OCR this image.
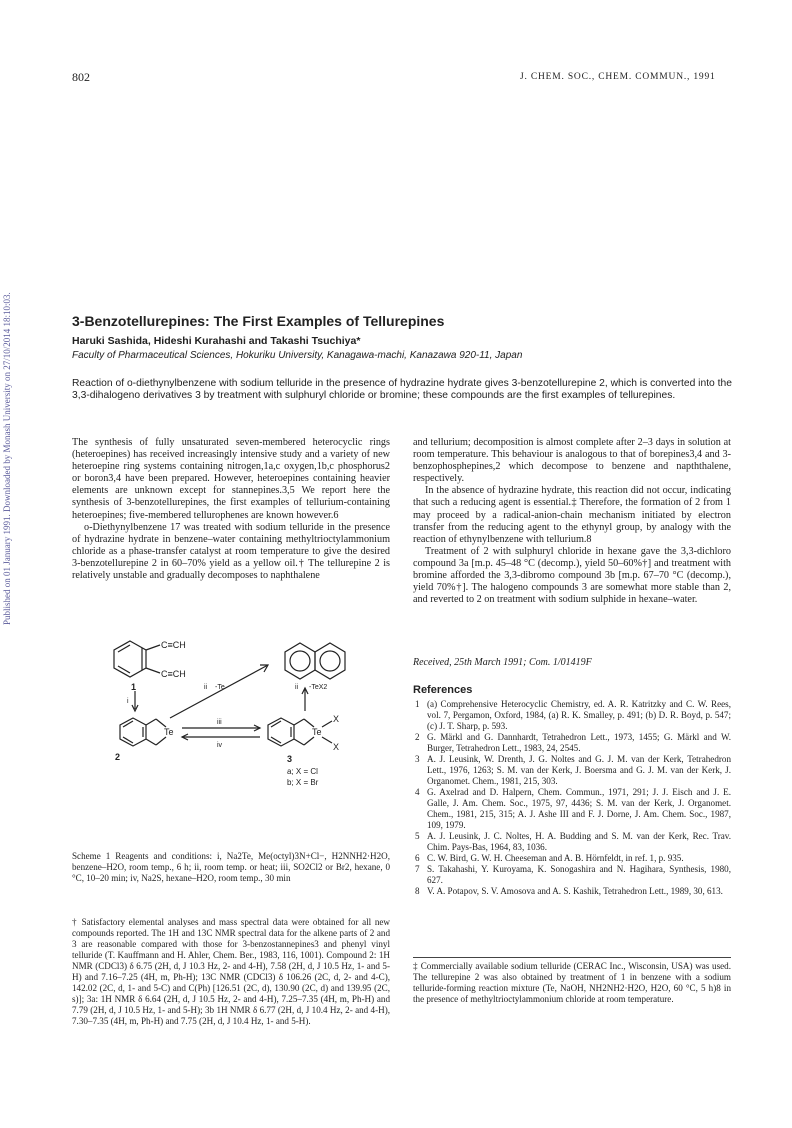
802	J. CHEM. SOC., CHEM. COMMUN., 1991
Published on 01 January 1991. Downloaded by Monash University on 27/10/2014 18:10:03.	3-Benzotellurepines: The First Examples of Tellurepines
Haruki Sashida, Hideshi Kurahashi and Takashi Tsuchiya*
Faculty of Pharmaceutical Sciences, Hokuriku University, Kanagawa-machi, Kanazawa 920-11, Japan
Reaction of o-diethynylbenzene with sodium telluride in the presence of hydrazine hydrate gives 3-benzotellurepine 2, which is converted into the 3,3-dihalogeno derivatives 3 by treatment with sulphuryl chloride or bromine; these compounds are the first examples of tellurepines.

The synthesis of fully unsaturated seven-membered heterocyclic rings (heteroepines) has received increasingly intensive study and a variety of new heteroepine ring systems containing nitrogen,1a,c oxygen,1b,c phosphorus2 or boron3,4 have been prepared. However, heteroepines containing heavier elements are unknown except for stannepines.3,5 We report here the synthesis of 3-benzotellurepines, the first examples of tellurium-containing heteroepines; five-membered tellurophenes are known however.6

o-Diethynylbenzene 17 was treated with sodium telluride in the presence of hydrazine hydrate in benzene–water containing methyltrioctylammonium chloride as a phase-transfer catalyst at room temperature to give the desired 3-benzotellurepine 2 in 60–70% yield as a yellow oil.† The tellurepine 2 is relatively unstable and gradually decomposes to naphthalene

C≡CH
C≡CH
1
i
ii -Te	ii -TeX2
Te	Te
X
X
iii
iv
2	3
a; X = Cl
b; X = Br
Scheme 1 Reagents and conditions: i, Na2Te, Me(octyl)3N+Cl−, H2NNH2·H2O, benzene–H2O, room temp., 6 h; ii, room temp. or heat; iii, SO2Cl2 or Br2, hexane, 0 °C, 10–20 min; iv, Na2S, hexane–H2O, room temp., 30 min
† Satisfactory elemental analyses and mass spectral data were obtained for all new compounds reported. The 1H and 13C NMR spectral data for the alkene parts of 2 and 3 are reasonable compared with those for 3-benzostannepines3 and phenyl vinyl telluride (T. Kauffmann and H. Ahler, Chem. Ber., 1983, 116, 1001). Compound 2: 1H NMR (CDCl3) δ 6.75 (2H, d, J 10.3 Hz, 2- and 4-H), 7.58 (2H, d, J 10.5 Hz, 1- and 5-H) and 7.16–7.25 (4H, m, Ph-H); 13C NMR (CDCl3) δ 106.26 (2C, d, 2- and 4-C), 142.02 (2C, d, 1- and 5-C) and C(Ph) [126.51 (2C, d), 130.90 (2C, d) and 139.95 (2C, s)]; 3a: 1H NMR δ 6.64 (2H, d, J 10.5 Hz, 2- and 4-H), 7.25–7.35 (4H, m, Ph-H) and 7.79 (2H, d, J 10.5 Hz, 1- and 5-H); 3b 1H NMR δ 6.77 (2H, d, J 10.4 Hz, 2- and 4-H), 7.30–7.35 (4H, m, Ph-H) and 7.75 (2H, d, J 10.4 Hz, 1- and 5-H).

and tellurium; decomposition is almost complete after 2–3 days in solution at room temperature. This behaviour is analogous to that of borepines3,4 and 3-benzophosphepines,2 which decompose to benzene and napththalene, respectively.

In the absence of hydrazine hydrate, this reaction did not occur, indicating that such a reducing agent is essential.‡ Therefore, the formation of 2 from 1 may proceed by a radical-anion-chain mechanism initiated by electron transfer from the reducing agent to the ethynyl group, by analogy with the reaction of ethynylbenzene with tellurium.8

Treatment of 2 with sulphuryl chloride in hexane gave the 3,3-dichloro compound 3a [m.p. 45–48 °C (decomp.), yield 50–60%†] and treatment with bromine afforded the 3,3-dibromo compound 3b [m.p. 67–70 °C (decomp.), yield 70%†]. The halogeno compounds 3 are somewhat more stable than 2, and reverted to 2 on treatment with sodium sulphide in hexane–water.

Received, 25th March 1991; Com. 1/01419F
References
1 (a) Comprehensive Heterocyclic Chemistry, ed. A. R. Katritzky and C. W. Rees, vol. 7, Pergamon, Oxford, 1984, (a) R. K. Smalley, p. 491; (b) D. R. Boyd, p. 547; (c) J. T. Sharp, p. 593.
2 G. Märkl and G. Dannhardt, Tetrahedron Lett., 1973, 1455; G. Märkl and W. Burger, Tetrahedron Lett., 1983, 24, 2545.
3 A. J. Leusink, W. Drenth, J. G. Noltes and G. J. M. van der Kerk, Tetrahedron Lett., 1976, 1263; S. M. van der Kerk, J. Boersma and G. J. M. van der Kerk, J. Organomet. Chem., 1981, 215, 303.
4 G. Axelrad and D. Halpern, Chem. Commun., 1971, 291; J. J. Eisch and J. E. Galle, J. Am. Chem. Soc., 1975, 97, 4436; S. M. van der Kerk, J. Organomet. Chem., 1981, 215, 315; A. J. Ashe III and F. J. Dorne, J. Am. Chem. Soc., 1987, 109, 1979.
5 A. J. Leusink, J. C. Noltes, H. A. Budding and S. M. van der Kerk, Rec. Trav. Chim. Pays-Bas, 1964, 83, 1036.
6 C. W. Bird, G. W. H. Cheeseman and A. B. Hörnfeldt, in ref. 1, p. 935.
7 S. Takahashi, Y. Kuroyama, K. Sonogashira and N. Hagihara, Synthesis, 1980, 627.
8 V. A. Potapov, S. V. Amosova and A. S. Kashik, Tetrahedron Lett., 1989, 30, 613.
‡ Commercially available sodium telluride (CERAC Inc., Wisconsin, USA) was used. The tellurepine 2 was also obtained by treatment of 1 in benzene with a sodium telluride-forming reaction mixture (Te, NaOH, NH2NH2·H2O, H2O, 60 °C, 5 h)8 in the presence of methyltrioctylammonium chloride at room temperature.
